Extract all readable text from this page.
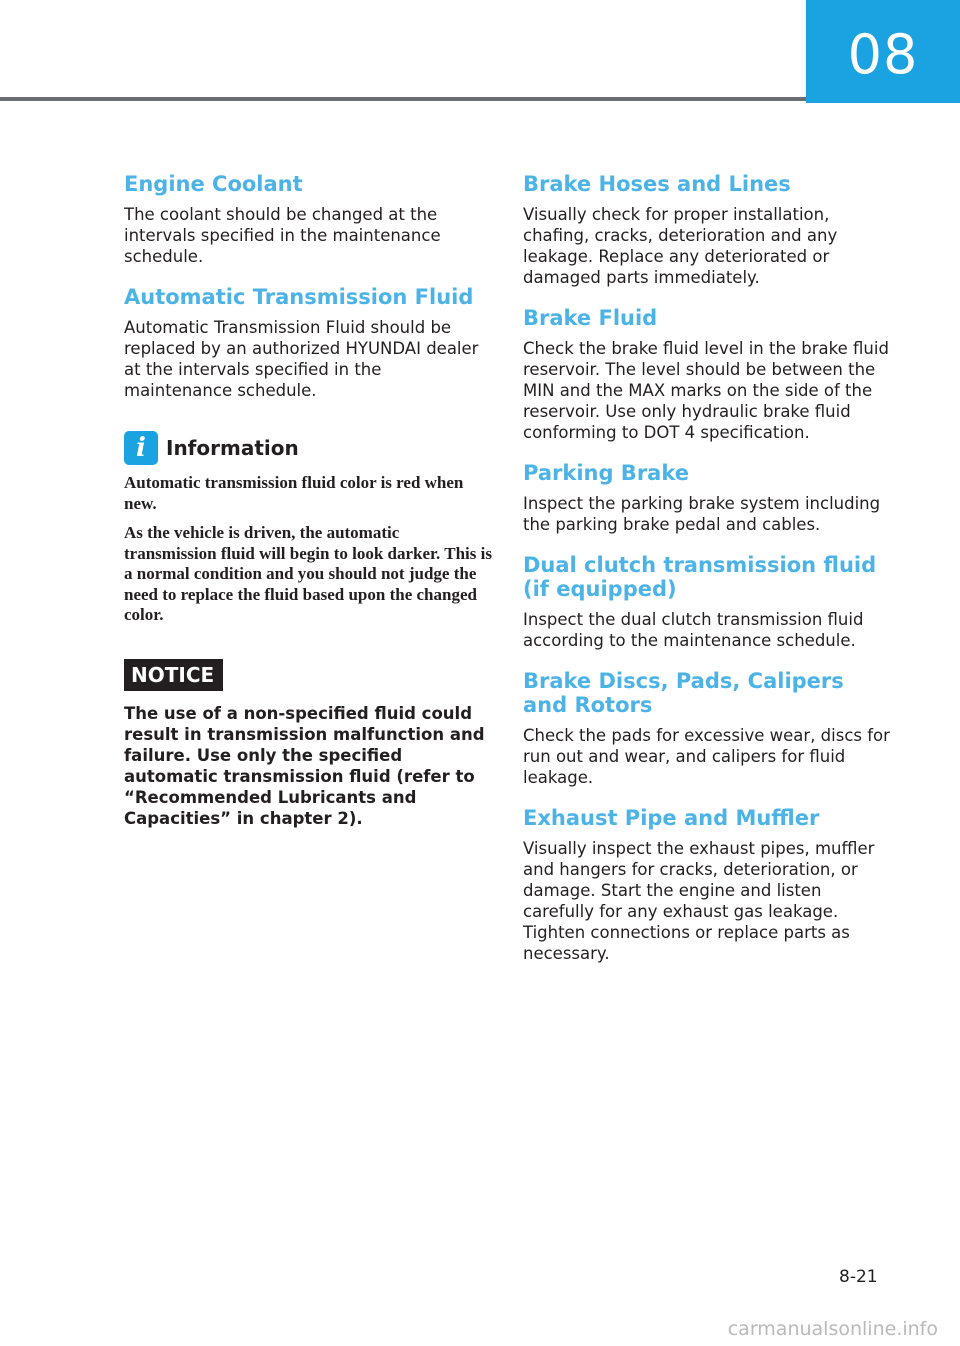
08
Engine Coolant

The coolant should be changed at the intervals specified in the maintenance schedule.

Automatic Transmission Fluid

Automatic Transmission Fluid should be replaced by an authorized HYUNDAI dealer at the intervals specified in the maintenance schedule.

i Information

Automatic transmission fluid color is red when new.

As the vehicle is driven, the automatic transmission fluid will begin to look darker. This is a normal condition and you should not judge the need to replace the fluid based upon the changed color.

NOTICE

The use of a non-specified fluid could result in transmission malfunction and failure. Use only the specified automatic transmission fluid (refer to “Recommended Lubricants and Capacities” in chapter 2).

Brake Hoses and Lines

Visually check for proper installation, chafing, cracks, deterioration and any leakage. Replace any deteriorated or damaged parts immediately.

Brake Fluid

Check the brake fluid level in the brake fluid reservoir. The level should be between the MIN and the MAX marks on the side of the reservoir. Use only hydraulic brake fluid conforming to DOT 4 specification.

Parking Brake

Inspect the parking brake system including the parking brake pedal and cables.

Dual clutch transmission fluid (if equipped)

Inspect the dual clutch transmission fluid according to the maintenance schedule.

Brake Discs, Pads, Calipers and Rotors

Check the pads for excessive wear, discs for run out and wear, and calipers for fluid leakage.

Exhaust Pipe and Muffler

Visually inspect the exhaust pipes, muffler and hangers for cracks, deterioration, or damage. Start the engine and listen carefully for any exhaust gas leakage. Tighten connections or replace parts as necessary.

8-21
carmanualsonline.info
